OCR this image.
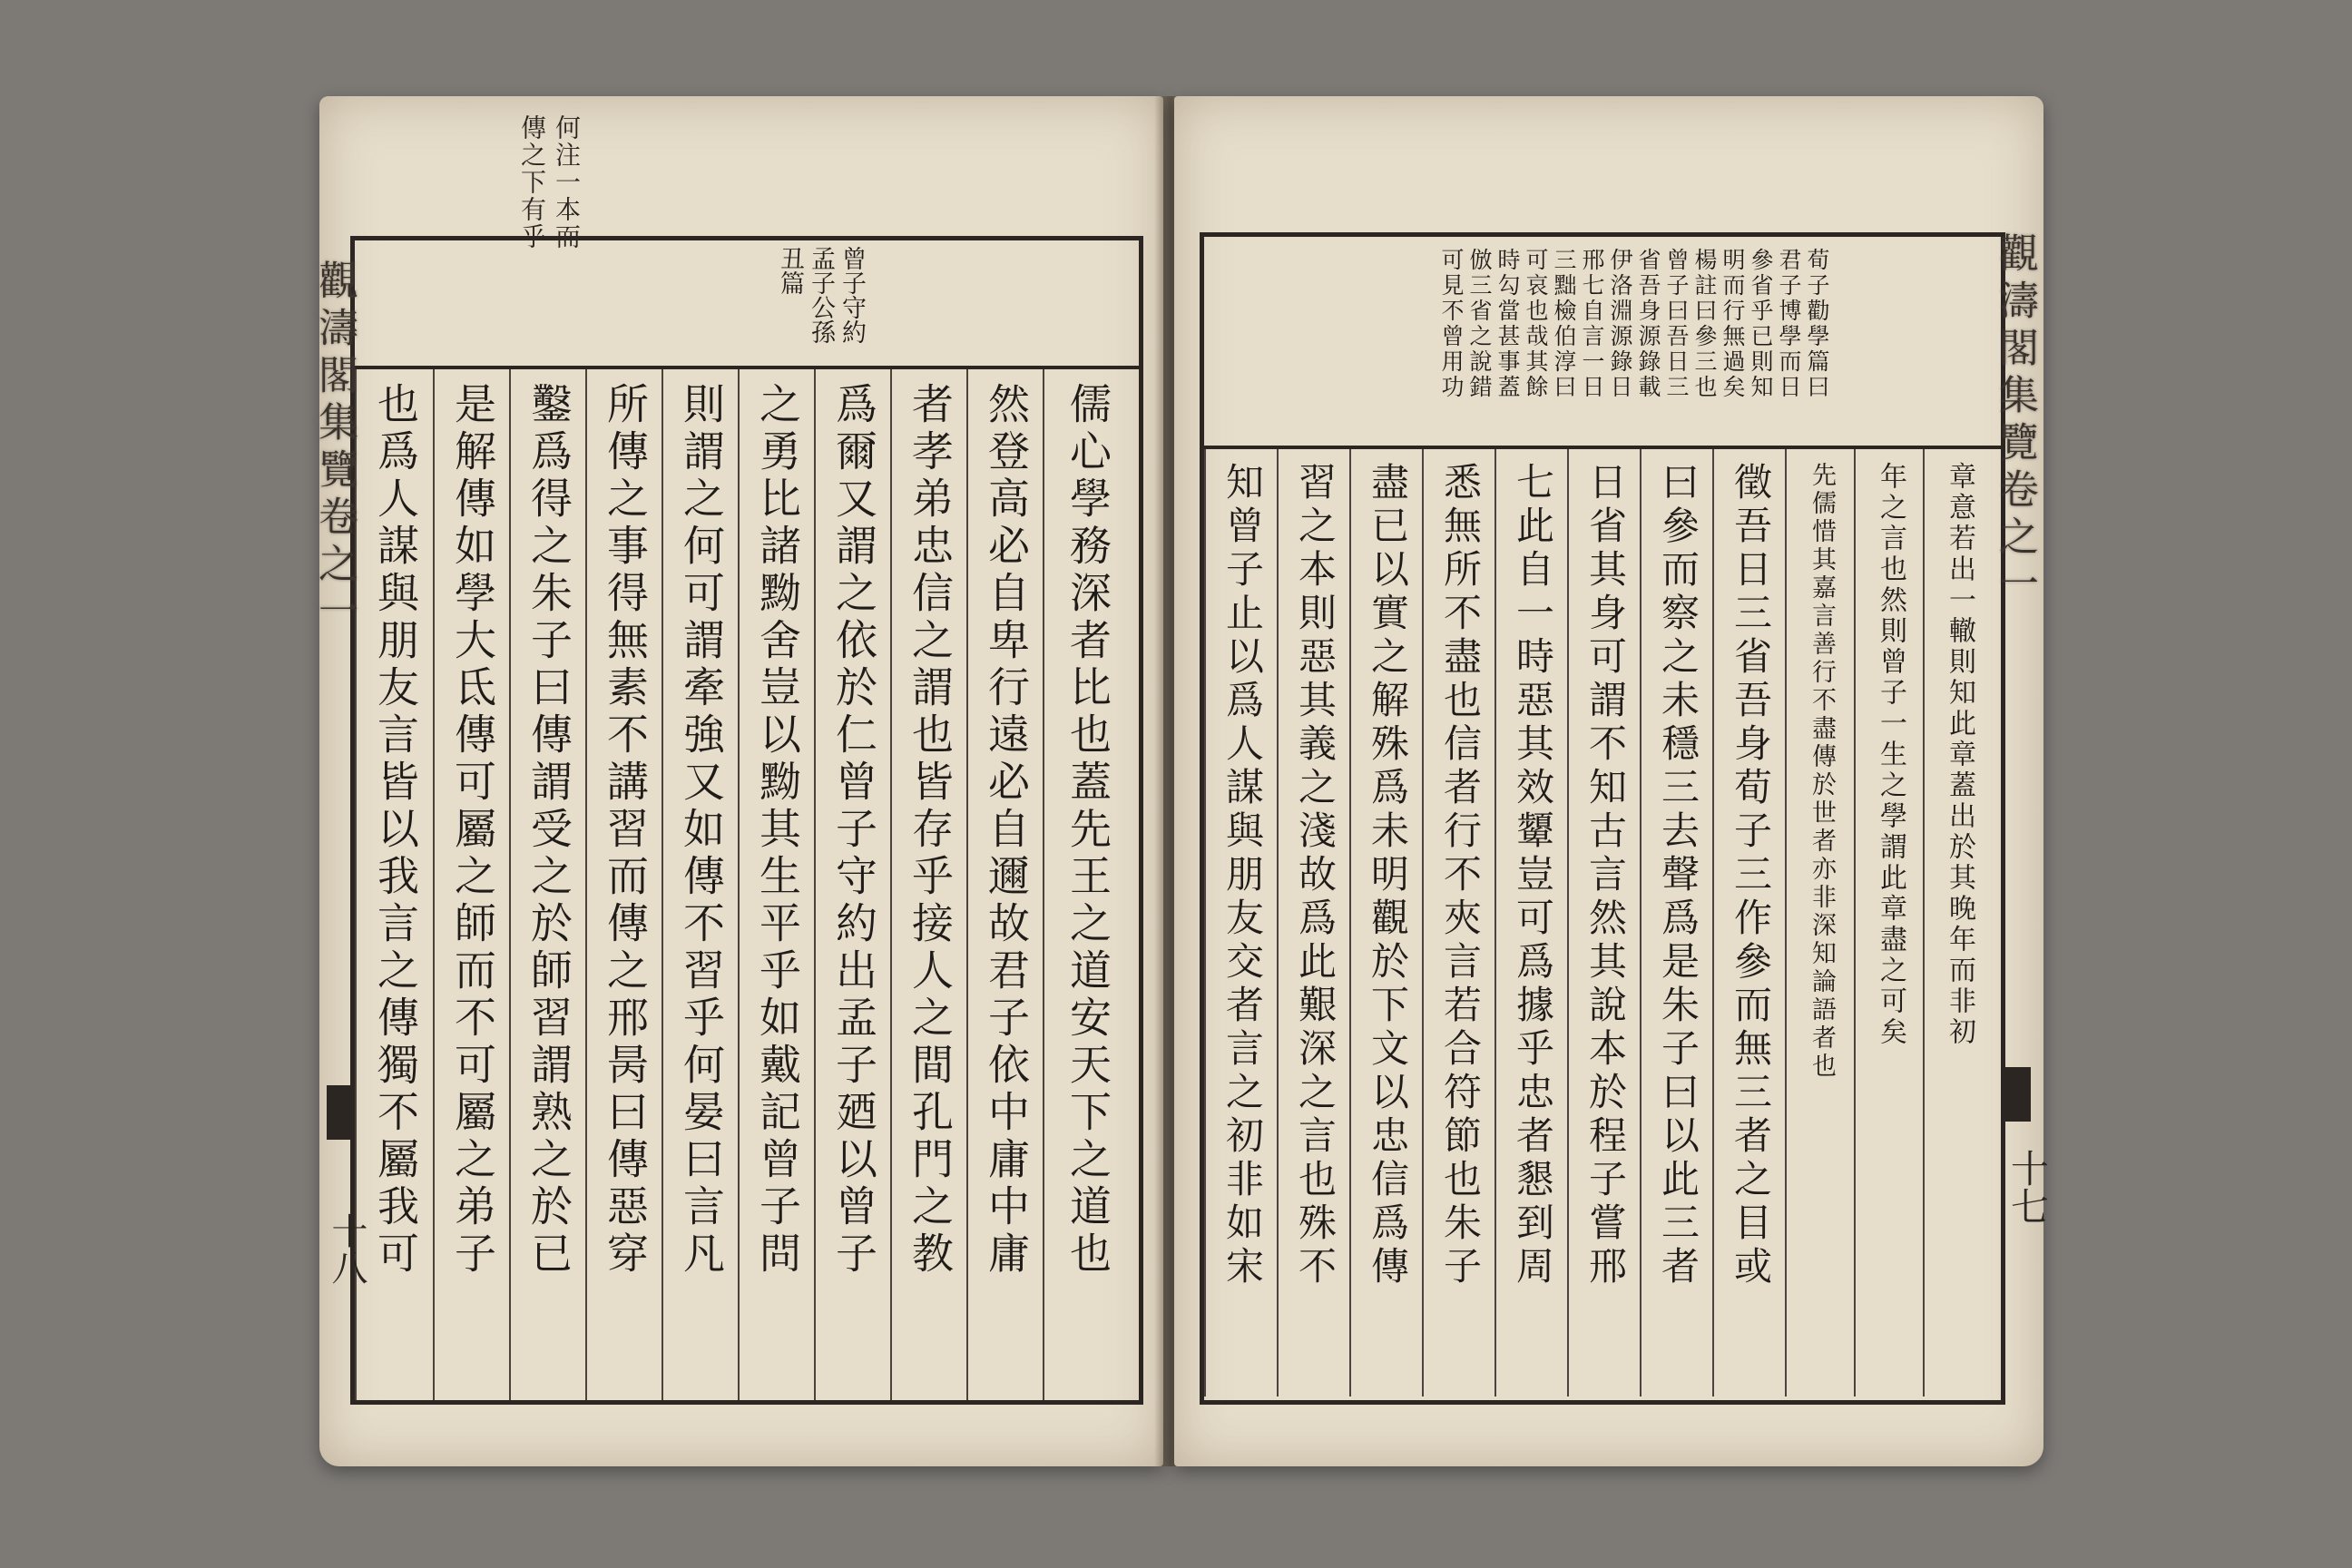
何注一本而傳之下有乎
曾子守約孟子公孫丑篇
也爲人謀與朋友言皆以我言之傳獨不屬我可 是解傳如學大氐傳可屬之師而不可屬之弟子 鑿爲得之朱子曰傳謂受之於師習謂熟之於已 所傳之事得無素不講習而傳之邢昺曰傳惡穿 則謂之何可謂牽強又如傳不習乎何晏曰言凡 之勇比諸黝舍豈以黝其生平乎如戴記曾子問 爲爾又謂之依於仁曾子守約出孟子廼以曾子 者孝弟忠信之謂也皆存乎接人之間孔門之教 然登高必自卑行遠必自邇故君子依中庸中庸 儒心學務深者比也蓋先王之道安天下之道也
觀濤閣集覽卷之一
十八
荀子勸學篇曰
君子博學而日
參省乎已則知
明而行無過矣
楊註曰參三也
曾子曰吾日三
省吾身源錄載
伊洛淵源錄日
邢七自言一日
三黜檢伯淳曰
可哀也哉其餘
時勾當甚事蓋
倣三省之說錯
可見不曾用功
知曾子止以爲人謀與朋友交者言之初非如宋 習之本則惡其義之淺故爲此艱深之言也殊不 盡已以實之解殊爲未明觀於下文以忠信爲傳 悉無所不盡也信者行不夾言若合符節也朱子 七此自一時惡其效顰豈可爲據乎忠者懇到周 日省其身可謂不知古言然其說本於程子嘗邢 曰參而察之未穩三去聲爲是朱子曰以此三者 徵吾日三省吾身荀子三作參而無三者之目或 先儒惜其嘉言善行不盡傳於世者亦非深知論語者也 年之言也然則曾子一生之學謂此章盡之可矣 章意若出一轍則知此章蓋出於其晚年而非初
觀濤閣集覽卷之一
十七
